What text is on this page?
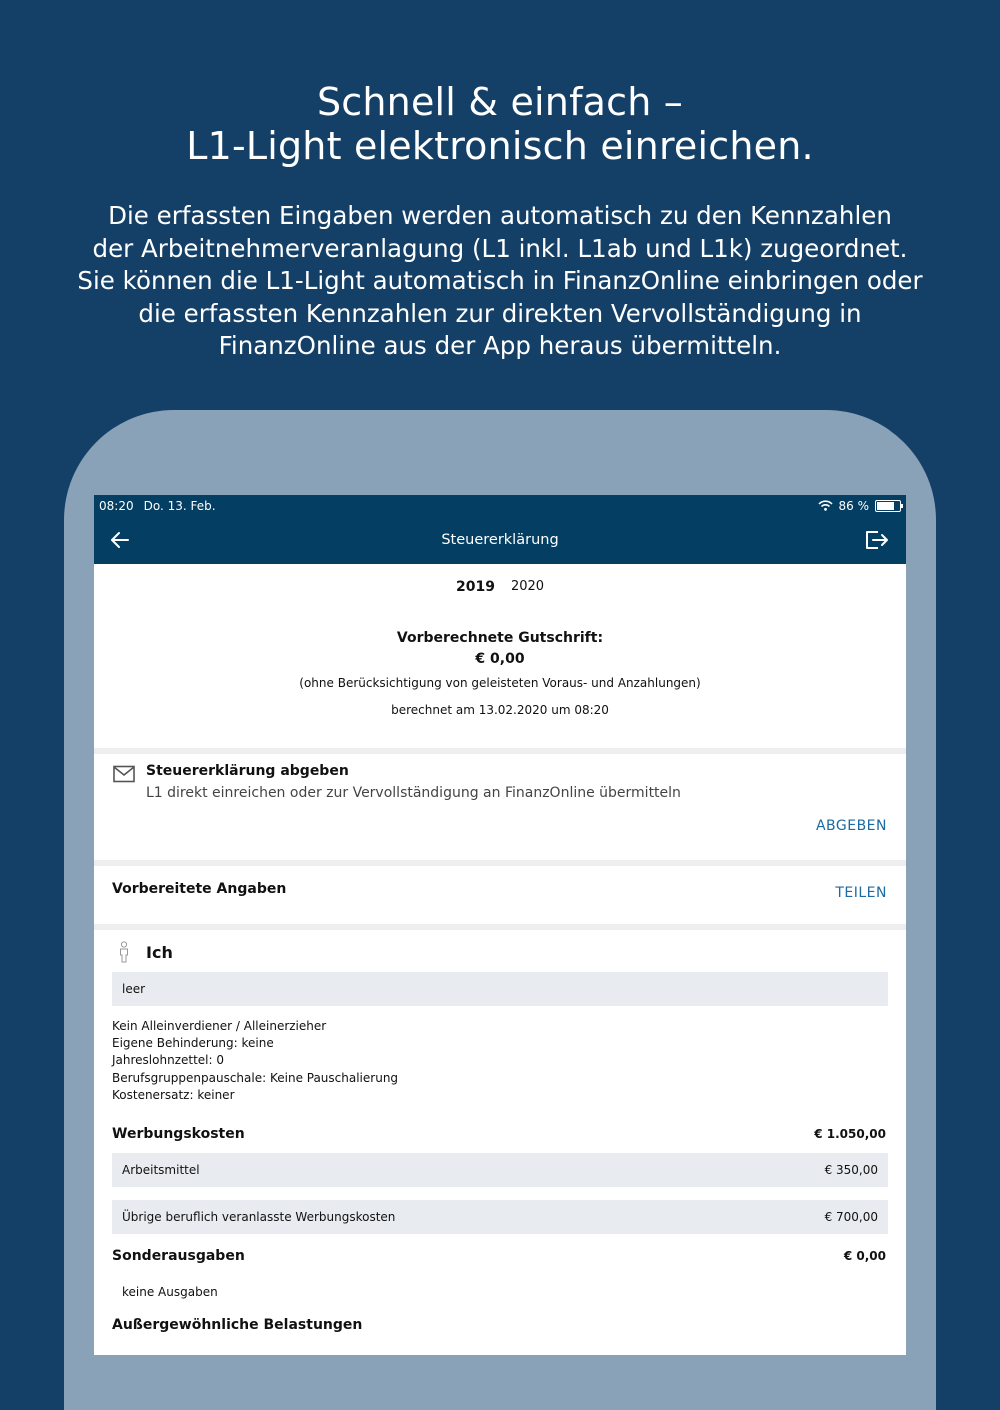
Schnell & einfach –
L1-Light elektronisch einreichen.
Die erfassten Eingaben werden automatisch zu den Kennzahlen
der Arbeitnehmerveranlagung (L1 inkl. L1ab und L1k) zugeordnet.
Sie können die L1-Light automatisch in FinanzOnline einbringen oder
die erfassten Kennzahlen zur direkten Vervollständigung in
FinanzOnline aus der App heraus übermitteln.
08:20 Do. 13. Feb.	86 %
Steuererklärung
2019 2020
Vorberechnete Gutschrift:
€ 0,00
(ohne Berücksichtigung von geleisteten Voraus- und Anzahlungen)
berechnet am 13.02.2020 um 08:20
Steuererklärung abgeben
L1 direkt einreichen oder zur Vervollständigung an FinanzOnline übermitteln
ABGEBEN
Vorbereitete Angaben	TEILEN
Ich
leer
Kein Alleinverdiener / Alleinerzieher
Eigene Behinderung: keine
Jahreslohnzettel: 0
Berufsgruppenpauschale: Keine Pauschalierung
Kostenersatz: keiner
Werbungskosten	€ 1.050,00
Arbeitsmittel	€ 350,00
Übrige beruflich veranlasste Werbungskosten	€ 700,00
Sonderausgaben	€ 0,00
keine Ausgaben
Außergewöhnliche Belastungen
